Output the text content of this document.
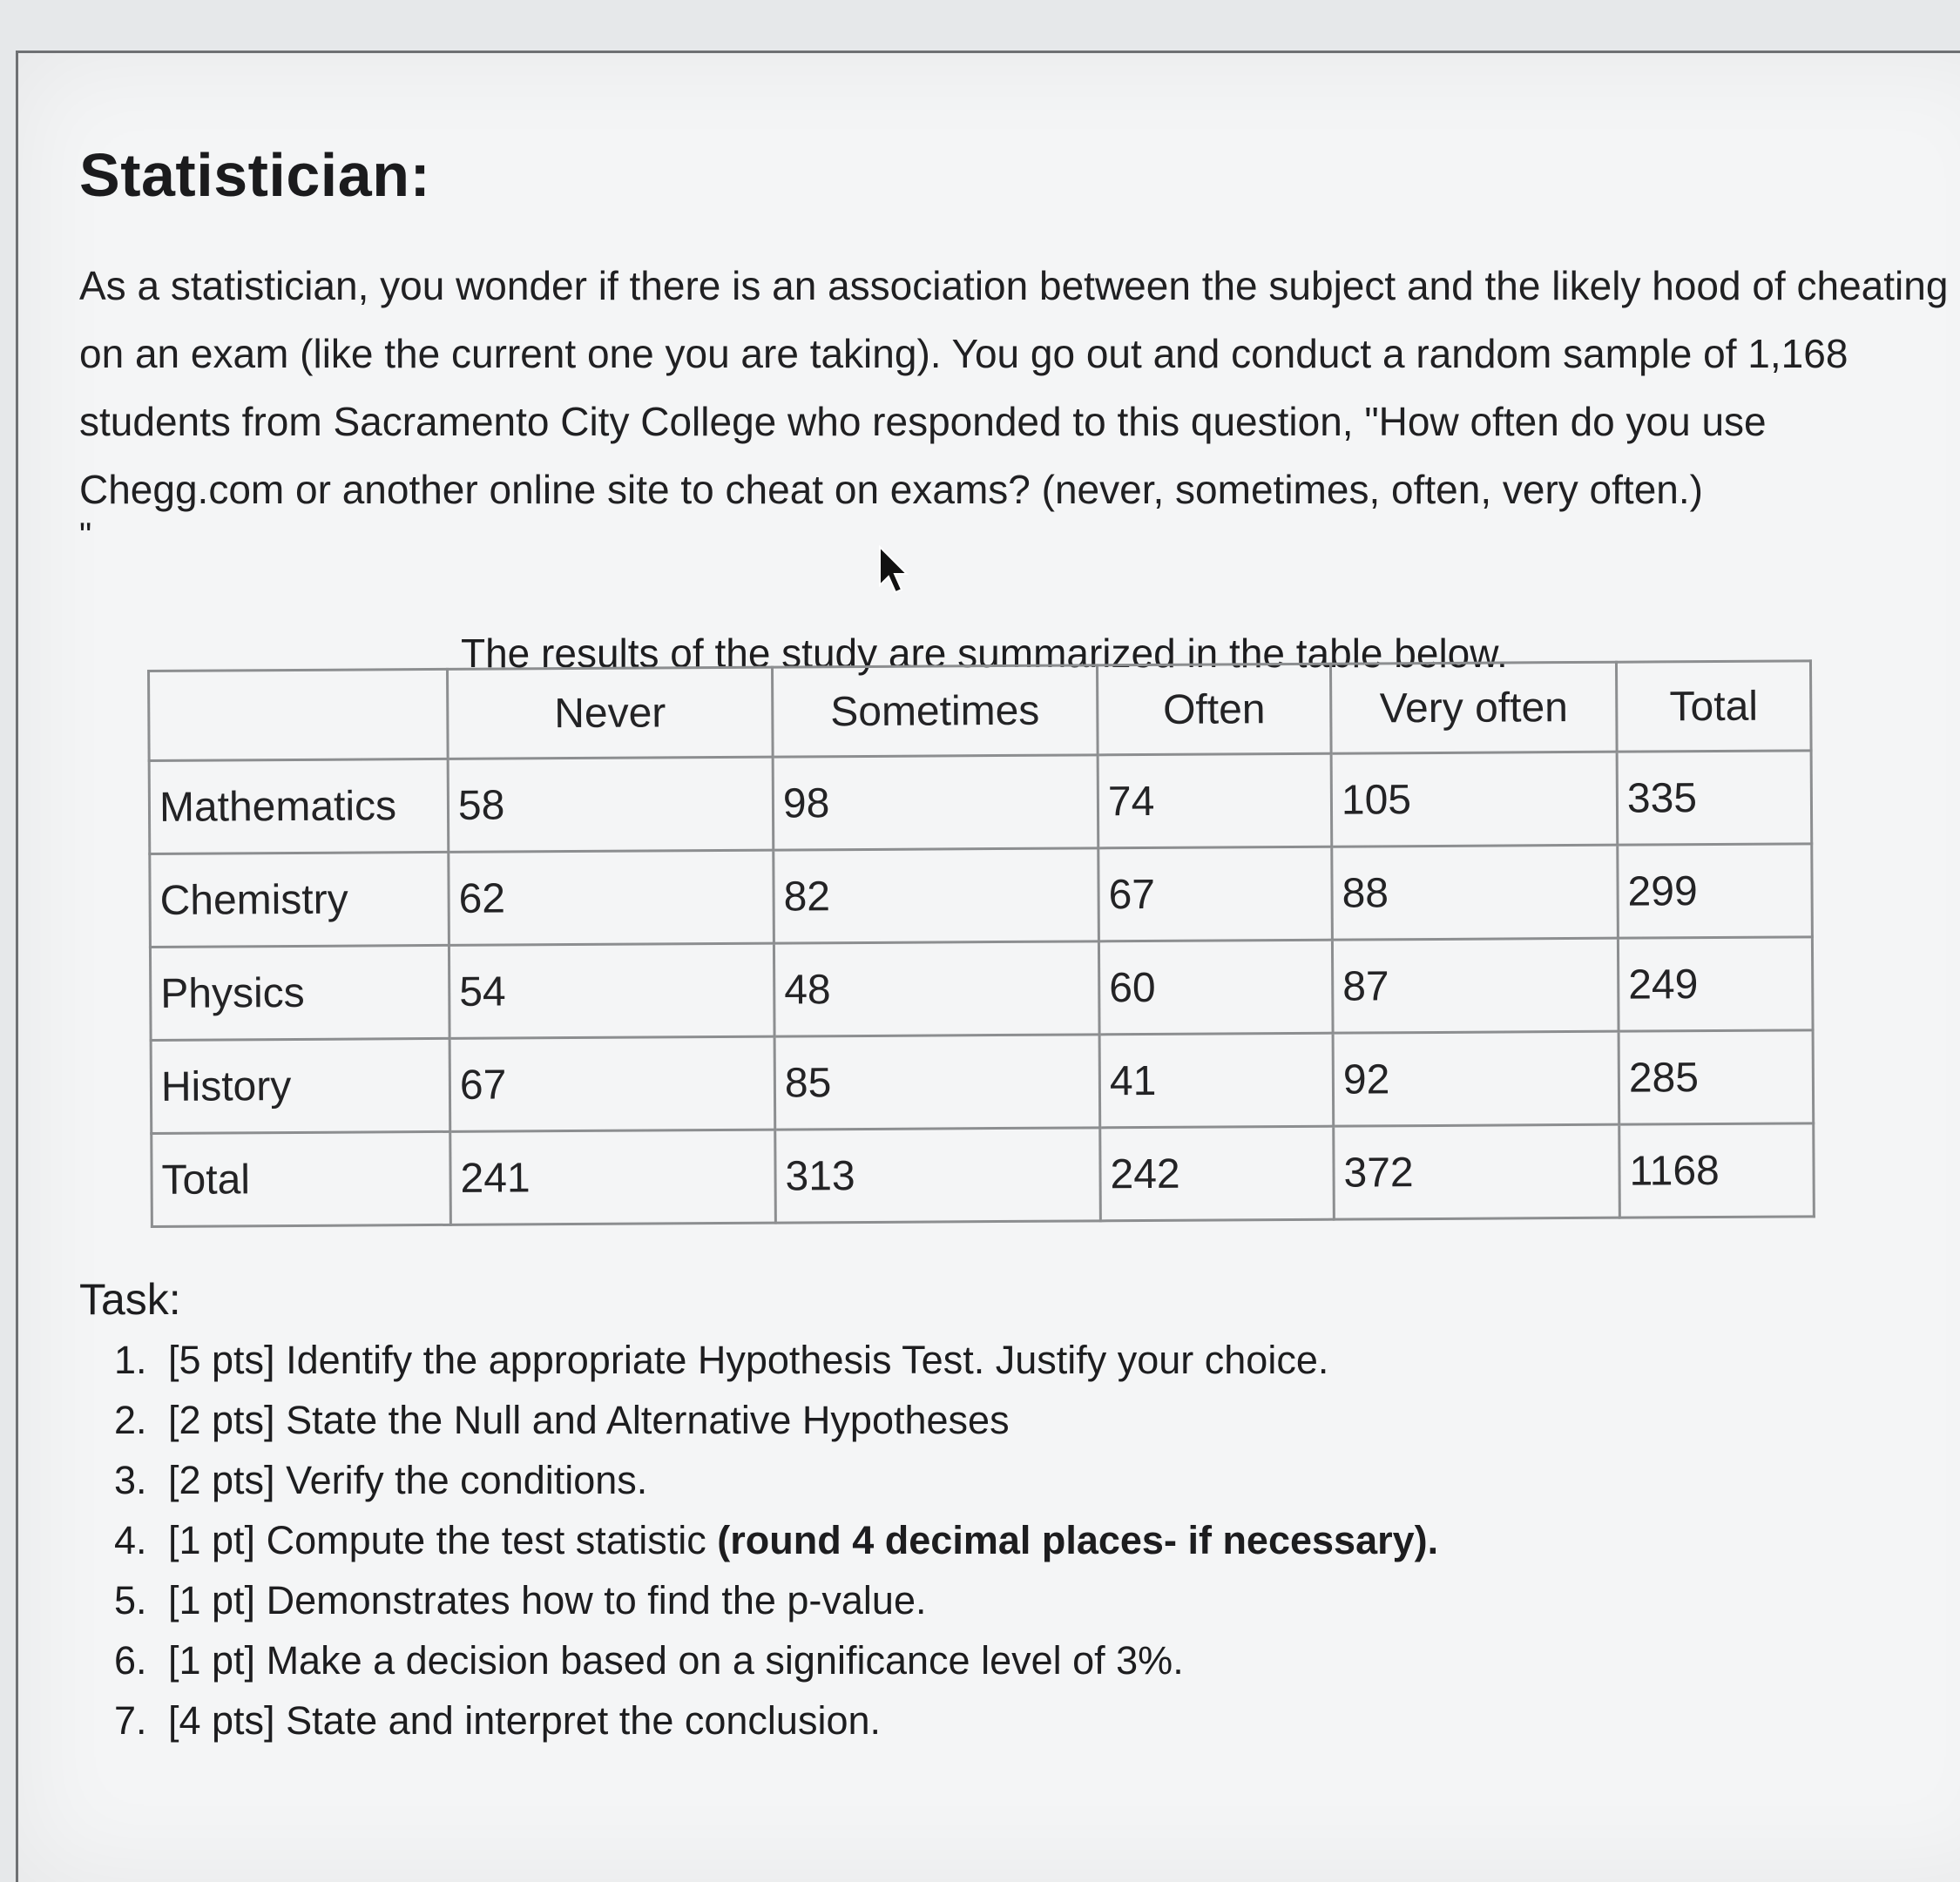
Statistician:
As a statistician, you wonder if there is an association between the subject and the likely hood of cheating on an exam (like the current one you are taking). You go out and conduct a random sample of 1,168 students from Sacramento City College who responded to this question, "How often do you use Chegg.com or another online site to cheat on exams? (never, sometimes, often, very often.)
"
The results of the study are summarized in the table below.
	Never	Sometimes	Often	Very often	Total
Mathematics	58	98	74	105	335
Chemistry	62	82	67	88	299
Physics	54	48	60	87	249
History	67	85	41	92	285
Total	241	313	242	372	1168
Task:
1. [5 pts] Identify the appropriate Hypothesis Test. Justify your choice.
2. [2 pts] State the Null and Alternative Hypotheses
3. [2 pts] Verify the conditions.
4. [1 pt] Compute the test statistic (round 4 decimal places- if necessary).
5. [1 pt] Demonstrates how to find the p-value.
6. [1 pt] Make a decision based on a significance level of 3%.
7. [4 pts] State and interpret the conclusion.
